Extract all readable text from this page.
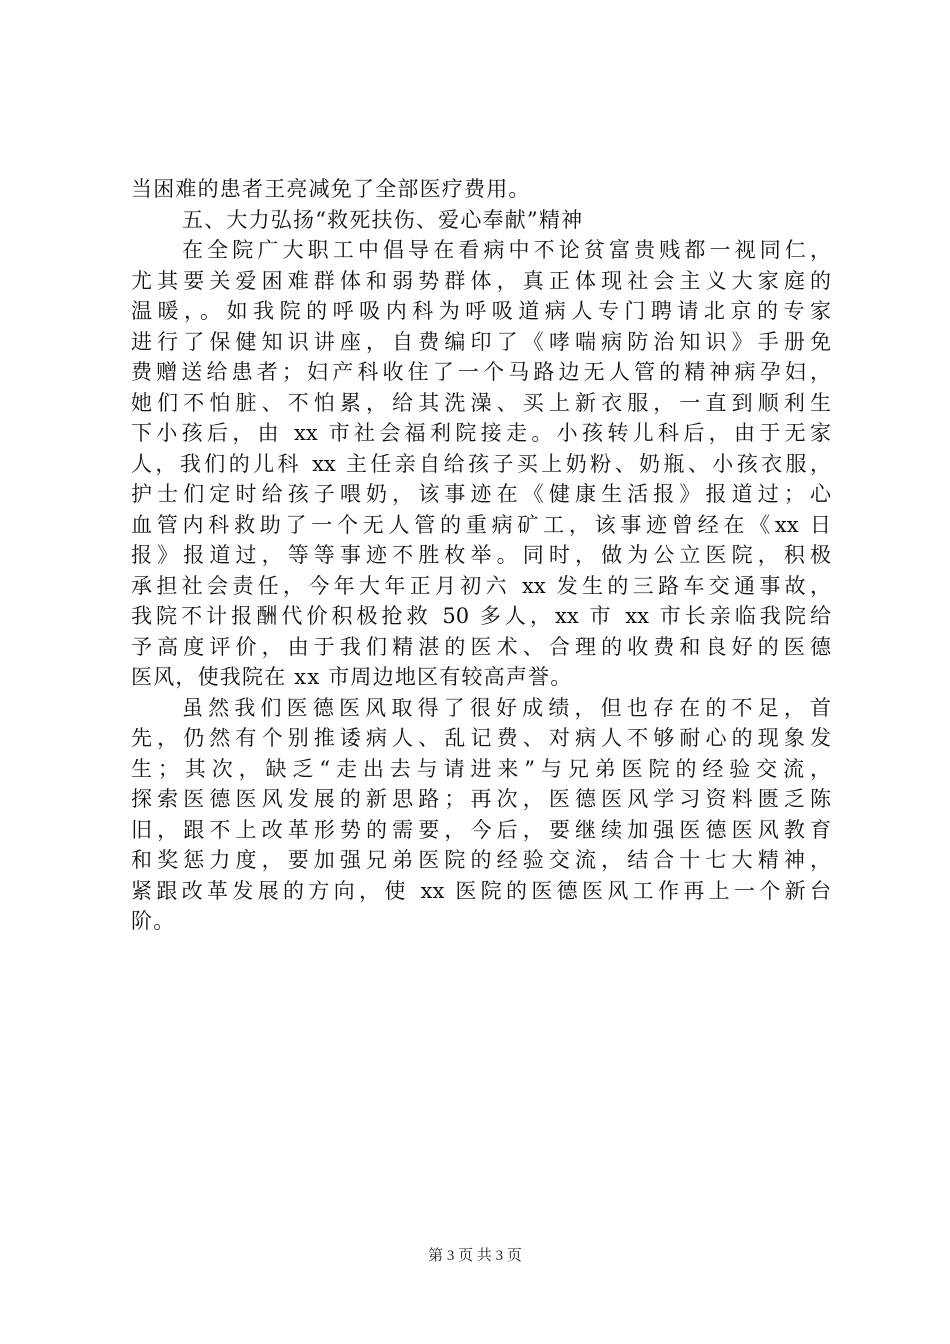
当困难的患者王亮减免了全部医疗费用。
五、大力弘扬“救死扶伤、爱心奉献”精神
在全院广大职工中倡导在看病中不论贫富贵贱都一视同仁，
尤其要关爱困难群体和弱势群体，真正体现社会主义大家庭的
温暖，。如我院的呼吸内科为呼吸道病人专门聘请北京的专家
进行了保健知识讲座，自费编印了《哮喘病防治知识》手册免
费赠送给患者；妇产科收住了一个马路边无人管的精神病孕妇，
她们不怕脏、不怕累，给其洗澡、买上新衣服，一直到顺利生
下小孩后，由 xx 市社会福利院接走。小孩转儿科后，由于无家
人，我们的儿科 xx 主任亲自给孩子买上奶粉、奶瓶、小孩衣服，
护士们定时给孩子喂奶，该事迹在《健康生活报》报道过；心
血管内科救助了一个无人管的重病矿工，该事迹曾经在《xx 日
报》报道过，等等事迹不胜枚举。同时，做为公立医院，积极
承担社会责任，今年大年正月初六 xx 发生的三路车交通事故，
我院不计报酬代价积极抢救 50 多人，xx 市 xx 市长亲临我院给
予高度评价，由于我们精湛的医术、合理的收费和良好的医德
医风，使我院在 xx 市周边地区有较高声誉。
虽然我们医德医风取得了很好成绩，但也存在的不足，首
先，仍然有个别推诿病人、乱记费、对病人不够耐心的现象发
生；其次，缺乏“走出去与请进来”与兄弟医院的经验交流，
探索医德医风发展的新思路；再次，医德医风学习资料匮乏陈
旧，跟不上改革形势的需要，今后，要继续加强医德医风教育
和奖惩力度，要加强兄弟医院的经验交流，结合十七大精神，
紧跟改革发展的方向，使 xx 医院的医德医风工作再上一个新台
阶。
第 3 页 共 3 页
